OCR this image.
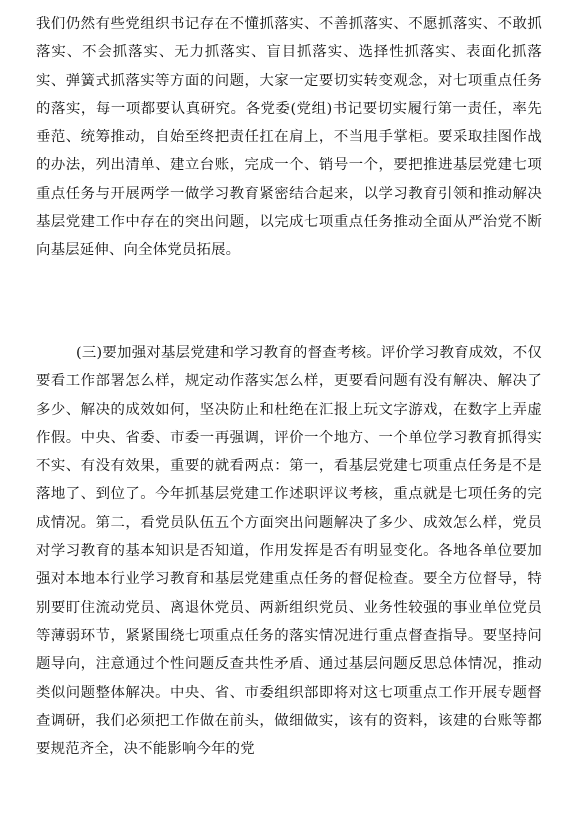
我们仍然有些党组织书记存在不懂抓落实、不善抓落实、不愿抓落实、不敢抓落实、不会抓落实、无力抓落实、盲目抓落实、选择性抓落实、表面化抓落实、弹簧式抓落实等方面的问题，大家一定要切实转变观念，对七项重点任务的落实，每一项都要认真研究。各党委(党组)书记要切实履行第一责任，率先垂范、统筹推动，自始至终把责任扛在肩上，不当甩手掌柜。要采取挂图作战的办法，列出清单、建立台账，完成一个、销号一个，要把推进基层党建七项重点任务与开展两学一做学习教育紧密结合起来，以学习教育引领和推动解决基层党建工作中存在的突出问题，以完成七项重点任务推动全面从严治党不断向基层延伸、向全体党员拓展。

(三)要加强对基层党建和学习教育的督查考核。评价学习教育成效，不仅要看工作部署怎么样，规定动作落实怎么样，更要看问题有没有解决、解决了多少、解决的成效如何，坚决防止和杜绝在汇报上玩文字游戏，在数字上弄虚作假。中央、省委、市委一再强调，评价一个地方、一个单位学习教育抓得实不实、有没有效果，重要的就看两点：第一，看基层党建七项重点任务是不是落地了、到位了。今年抓基层党建工作述职评议考核，重点就是七项任务的完成情况。第二，看党员队伍五个方面突出问题解决了多少、成效怎么样，党员对学习教育的基本知识是否知道，作用发挥是否有明显变化。各地各单位要加强对本地本行业学习教育和基层党建重点任务的督促检查。要全方位督导，特别要盯住流动党员、离退休党员、两新组织党员、业务性较强的事业单位党员等薄弱环节，紧紧围绕七项重点任务的落实情况进行重点督查指导。要坚持问题导向，注意通过个性问题反查共性矛盾、通过基层问题反思总体情况，推动类似问题整体解决。中央、省、市委组织部即将对这七项重点工作开展专题督查调研，我们必须把工作做在前头，做细做实，该有的资料，该建的台账等都要规范齐全，决不能影响今年的党
